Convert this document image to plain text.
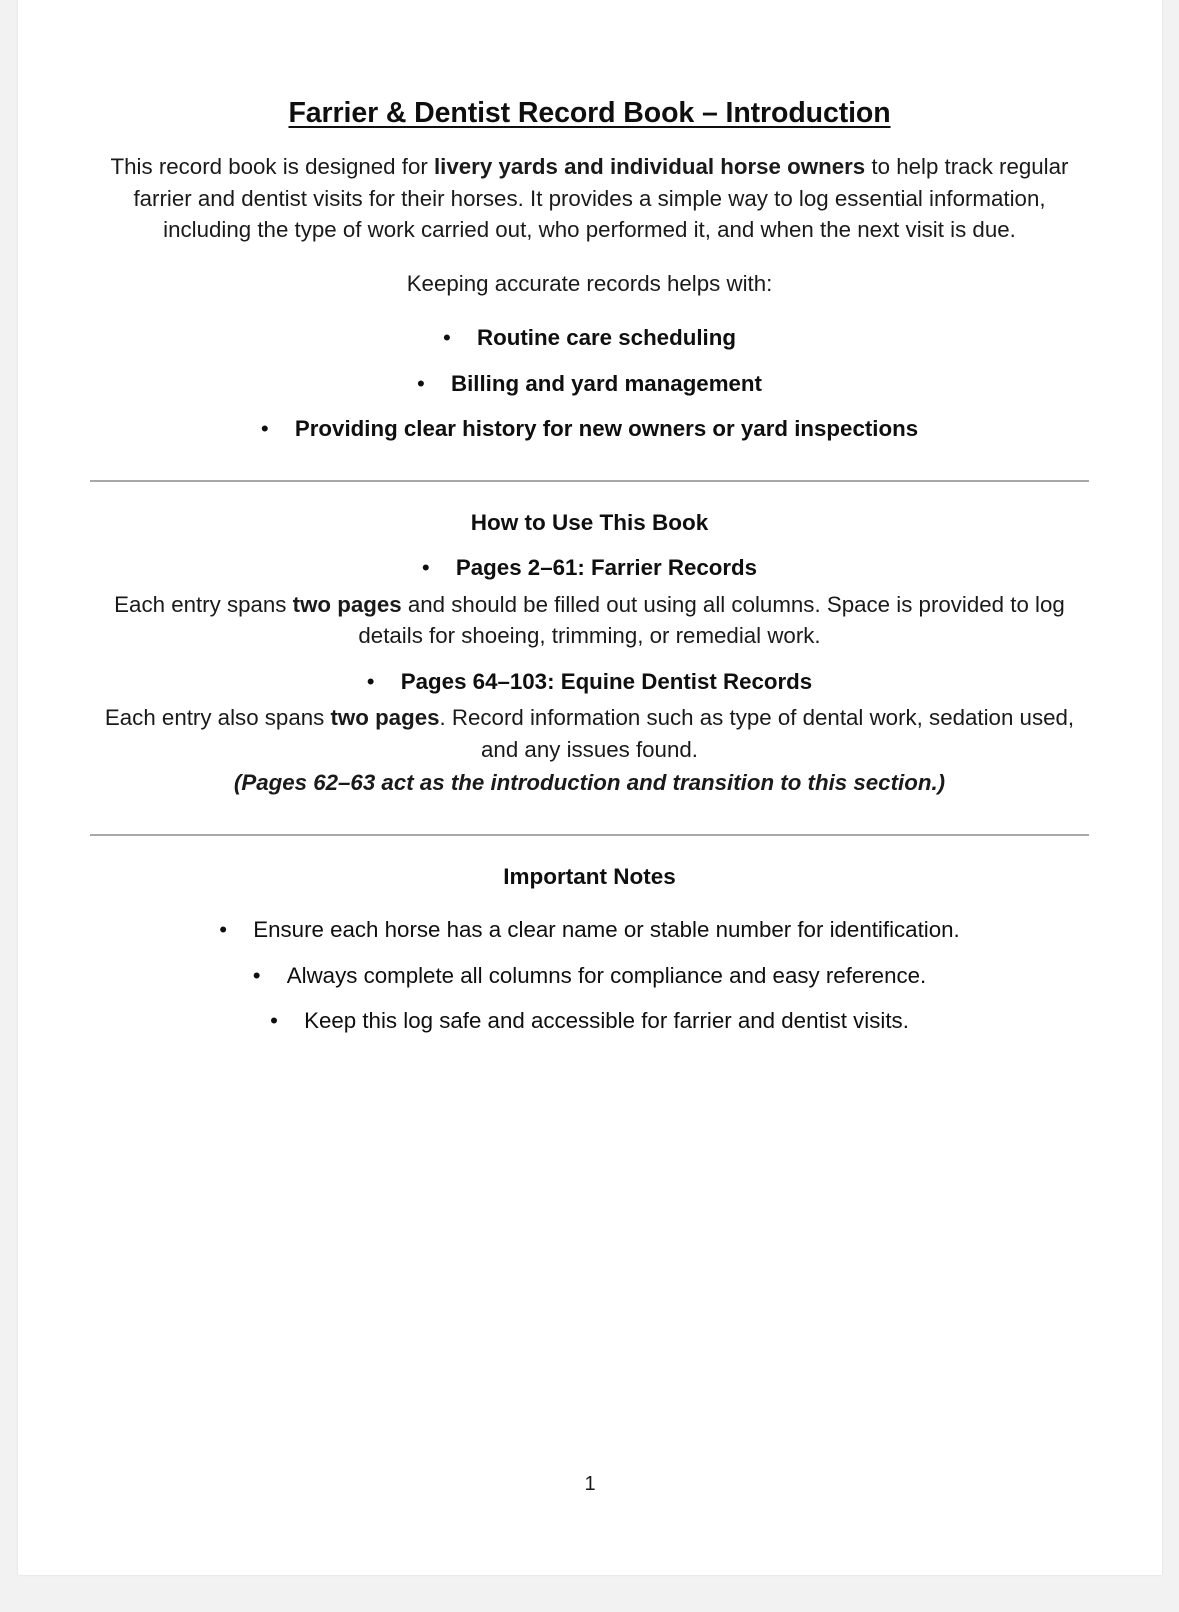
Farrier & Dentist Record Book – Introduction

This record book is designed for livery yards and individual horse owners to help track regular farrier and dentist visits for their horses. It provides a simple way to log essential information, including the type of work carried out, who performed it, and when the next visit is due.

Keeping accurate records helps with:

• Routine care scheduling
• Billing and yard management
• Providing clear history for new owners or yard inspections
How to Use This Book
• Pages 2–61: Farrier Records

Each entry spans two pages and should be filled out using all columns. Space is provided to log details for shoeing, trimming, or remedial work.

• Pages 64–103: Equine Dentist Records

Each entry also spans two pages. Record information such as type of dental work, sedation used, and any issues found.

(Pages 62–63 act as the introduction and transition to this section.)

Important Notes
• Ensure each horse has a clear name or stable number for identification.
• Always complete all columns for compliance and easy reference.
• Keep this log safe and accessible for farrier and dentist visits.
1
